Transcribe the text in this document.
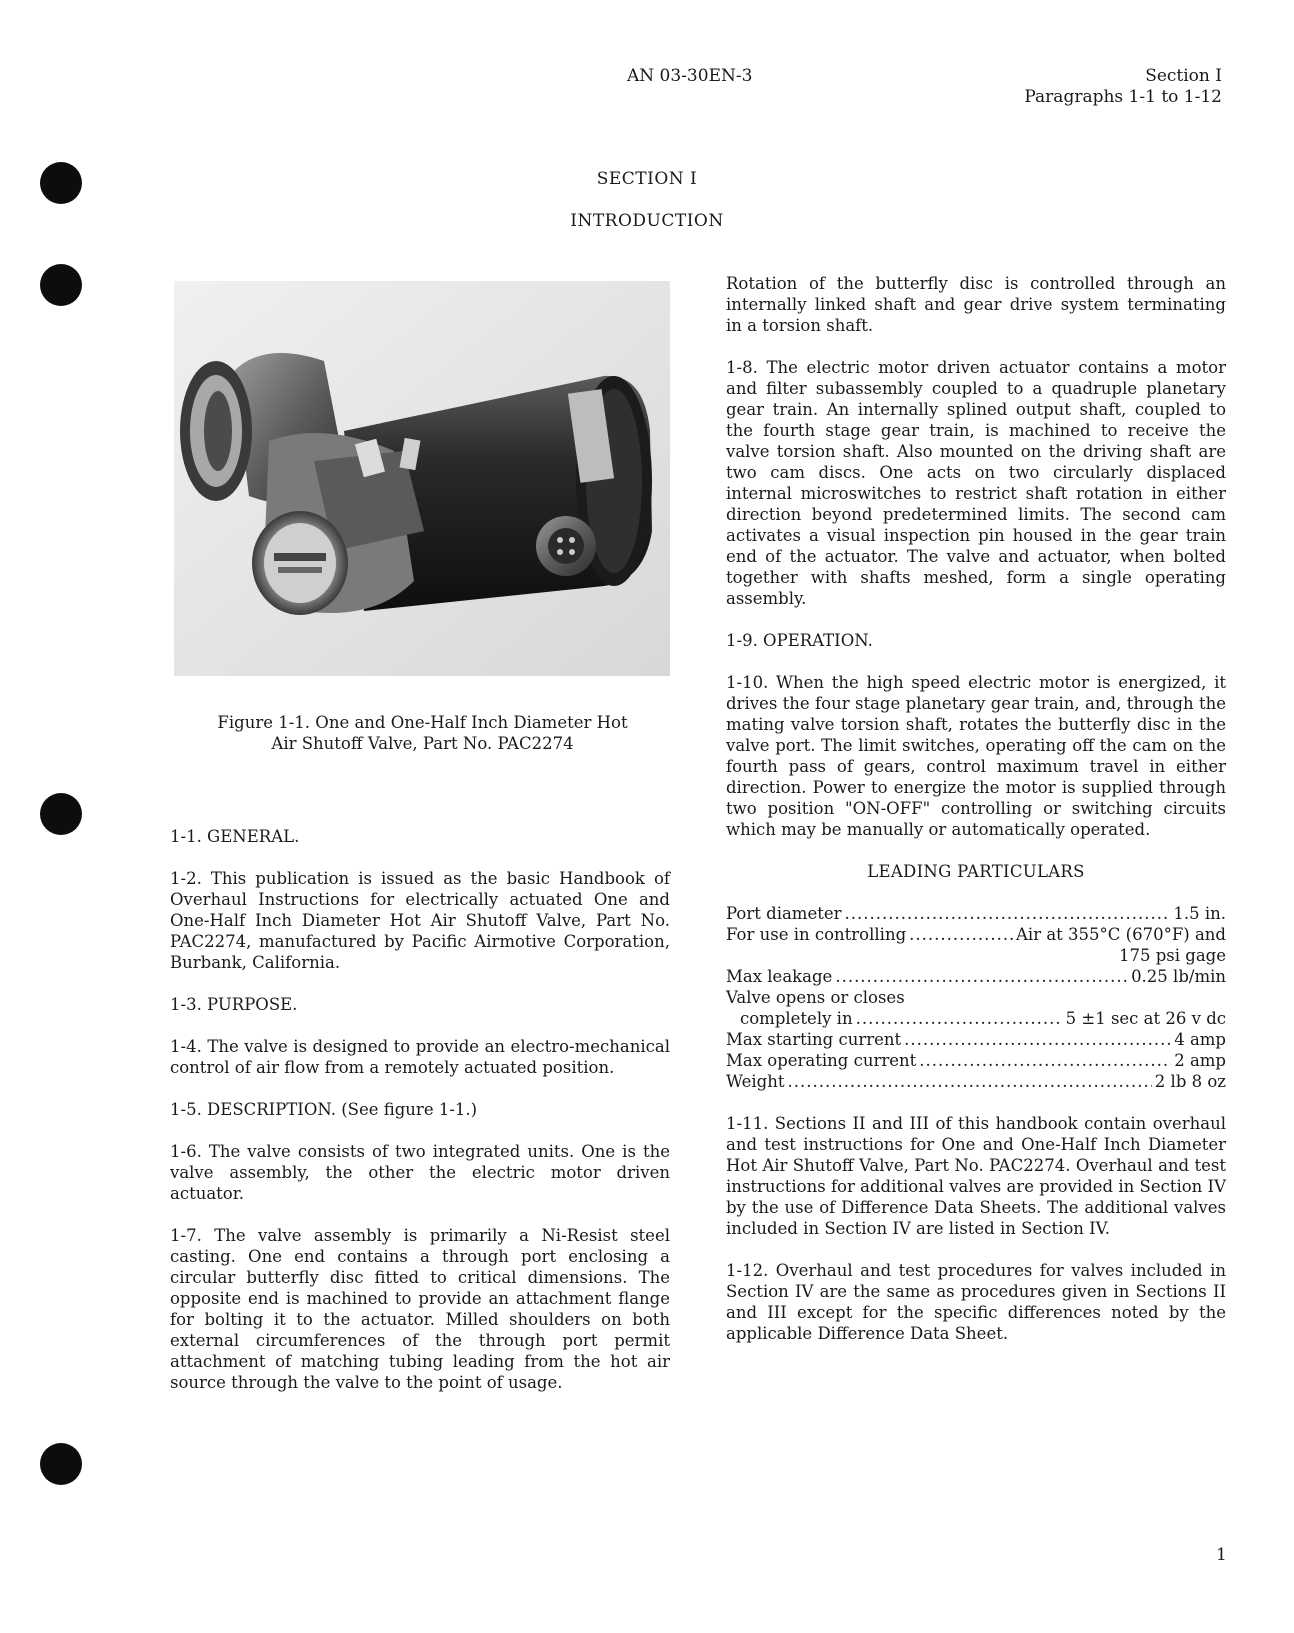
AN 03-30EN-3	Section I
Paragraphs 1-1 to 1-12
SECTION I
INTRODUCTION
Figure 1-1. One and One-Half Inch Diameter Hot
Air Shutoff Valve, Part No. PAC2274

1-1. GENERAL.

1-2. This publication is issued as the basic Handbook of Overhaul Instructions for electrically actuated One and One-Half Inch Diameter Hot Air Shutoff Valve, Part No. PAC2274, manufactured by Pacific Airmotive Corporation, Burbank, California.

1-3. PURPOSE.

1-4. The valve is designed to provide an electro-mechanical control of air flow from a remotely actuated position.

1-5. DESCRIPTION. (See figure 1-1.)

1-6. The valve consists of two integrated units. One is the valve assembly, the other the electric motor driven actuator.

1-7. The valve assembly is primarily a Ni-Resist steel casting. One end contains a through port enclosing a circular butterfly disc fitted to critical dimensions. The opposite end is machined to provide an attachment flange for bolting it to the actuator. Milled shoulders on both external circumferences of the through port permit attachment of matching tubing leading from the hot air source through the valve to the point of usage.

Rotation of the butterfly disc is controlled through an internally linked shaft and gear drive system terminating in a torsion shaft.

1-8. The electric motor driven actuator contains a motor and filter subassembly coupled to a quadruple planetary gear train. An internally splined output shaft, coupled to the fourth stage gear train, is machined to receive the valve torsion shaft. Also mounted on the driving shaft are two cam discs. One acts on two circularly displaced internal microswitches to restrict shaft rotation in either direction beyond predetermined limits. The second cam activates a visual inspection pin housed in the gear train end of the actuator. The valve and actuator, when bolted together with shafts meshed, form a single operating assembly.

1-9. OPERATION.

1-10. When the high speed electric motor is energized, it drives the four stage planetary gear train, and, through the mating valve torsion shaft, rotates the butterfly disc in the valve port. The limit switches, operating off the cam on the fourth pass of gears, control maximum travel in either direction. Power to energize the motor is supplied through two position "ON-OFF" controlling or switching circuits which may be manually or automatically operated.

LEADING PARTICULARS

Port diameter .....	1.5 in.
For use in controlling .....	Air at 355°C (670°F) and
175 psi gage
Max leakage .....	0.25 lb/min
Valve opens or closes
completely in .....	5 ±1 sec at 26 v dc
Max starting current .....	4 amp
Max operating current .....	2 amp
Weight .....	2 lb 8 oz

1-11. Sections II and III of this handbook contain overhaul and test instructions for One and One-Half Inch Diameter Hot Air Shutoff Valve, Part No. PAC2274. Overhaul and test instructions for additional valves are provided in Section IV by the use of Difference Data Sheets. The additional valves included in Section IV are listed in Section IV.

1-12. Overhaul and test procedures for valves included in Section IV are the same as procedures given in Sections II and III except for the specific differences noted by the applicable Difference Data Sheet.

1
